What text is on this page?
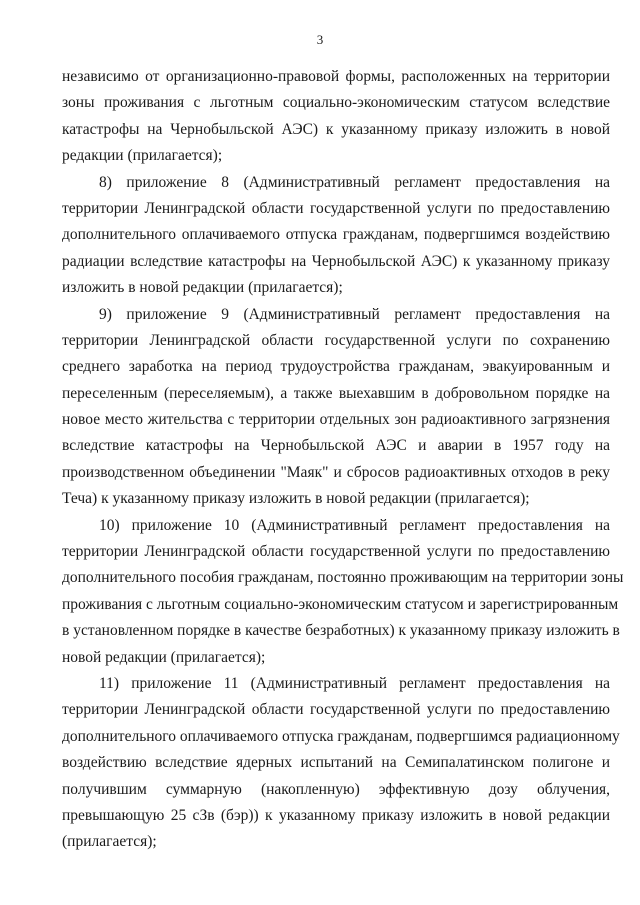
3
независимо от организационно-правовой формы, расположенных на территории
зоны проживания с льготным социально-экономическим статусом вследствие
катастрофы на Чернобыльской АЭС) к указанному приказу изложить в новой
редакции (прилагается);
8) приложение 8 (Административный регламент предоставления на
территории Ленинградской области государственной услуги по предоставлению
дополнительного оплачиваемого отпуска гражданам, подвергшимся воздействию
радиации вследствие катастрофы на Чернобыльской АЭС) к указанному приказу
изложить в новой редакции (прилагается);
9) приложение 9 (Административный регламент предоставления на
территории Ленинградской области государственной услуги по сохранению
среднего заработка на период трудоустройства гражданам, эвакуированным и
переселенным (переселяемым), а также выехавшим в добровольном порядке на
новое место жительства с территории отдельных зон радиоактивного загрязнения
вследствие катастрофы на Чернобыльской АЭС и аварии в 1957 году на
производственном объединении "Маяк" и сбросов радиоактивных отходов в реку
Теча) к указанному приказу изложить в новой редакции (прилагается);
10) приложение 10 (Административный регламент предоставления на
территории Ленинградской области государственной услуги по предоставлению
дополнительного пособия гражданам, постоянно проживающим на территории зоны
проживания с льготным социально-экономическим статусом и зарегистрированным
в установленном порядке в качестве безработных) к указанному приказу изложить в
новой редакции (прилагается);
11) приложение 11 (Административный регламент предоставления на
территории Ленинградской области государственной услуги по предоставлению
дополнительного оплачиваемого отпуска гражданам, подвергшимся радиационному
воздействию вследствие ядерных испытаний на Семипалатинском полигоне и
получившим суммарную (накопленную) эффективную дозу облучения,
превышающую 25 сЗв (бэр)) к указанному приказу изложить в новой редакции
(прилагается);
